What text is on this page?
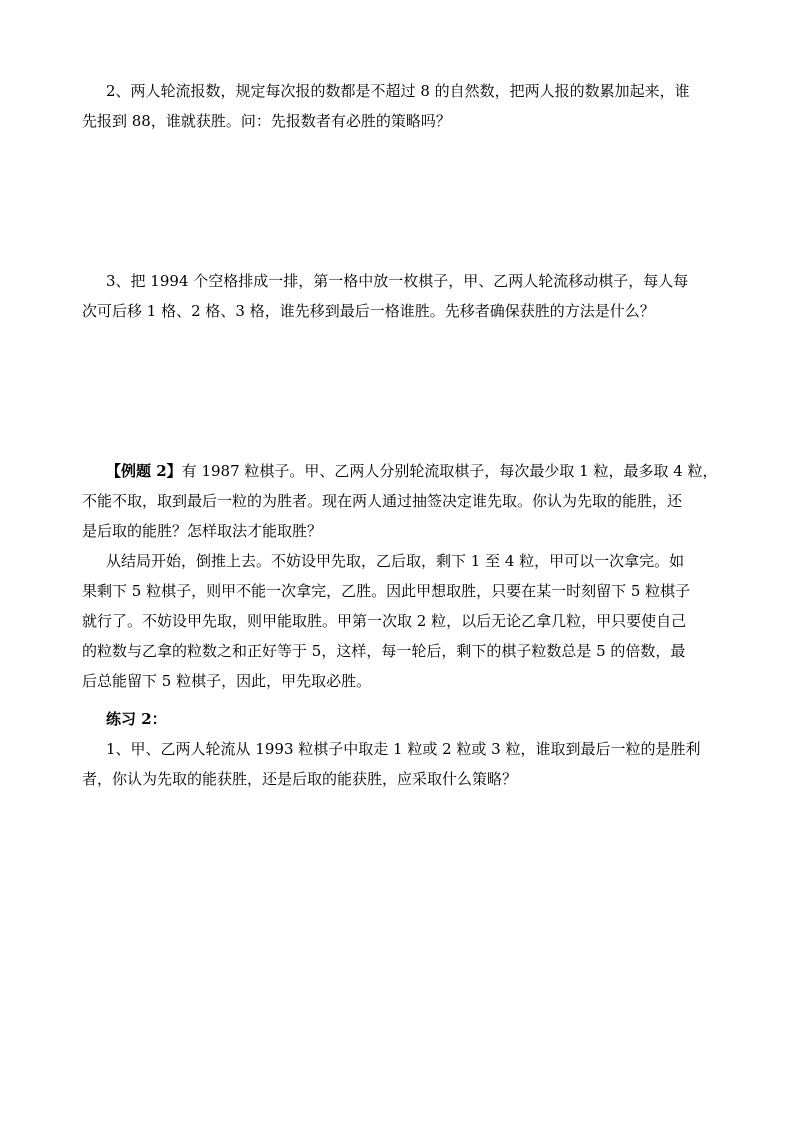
2、两人轮流报数，规定每次报的数都是不超过 8 的自然数，把两人报的数累加起来，谁

先报到 88，谁就获胜。问：先报数者有必胜的策略吗？

3、把 1994 个空格排成一排，第一格中放一枚棋子，甲、乙两人轮流移动棋子，每人每

次可后移 1 格、2 格、3 格，谁先移到最后一格谁胜。先移者确保获胜的方法是什么？

【例题 2】有 1987 粒棋子。甲、乙两人分别轮流取棋子，每次最少取 1 粒，最多取 4 粒，

不能不取，取到最后一粒的为胜者。现在两人通过抽签决定谁先取。你认为先取的能胜，还

是后取的能胜？怎样取法才能取胜？

从结局开始，倒推上去。不妨设甲先取，乙后取，剩下 1 至 4 粒，甲可以一次拿完。如

果剩下 5 粒棋子，则甲不能一次拿完，乙胜。因此甲想取胜，只要在某一时刻留下 5 粒棋子

就行了。不妨设甲先取，则甲能取胜。甲第一次取 2 粒，以后无论乙拿几粒，甲只要使自己

的粒数与乙拿的粒数之和正好等于 5，这样，每一轮后，剩下的棋子粒数总是 5 的倍数，最

后总能留下 5 粒棋子，因此，甲先取必胜。

练习 2：

1、甲、乙两人轮流从 1993 粒棋子中取走 1 粒或 2 粒或 3 粒，谁取到最后一粒的是胜利

者，你认为先取的能获胜，还是后取的能获胜，应采取什么策略？
